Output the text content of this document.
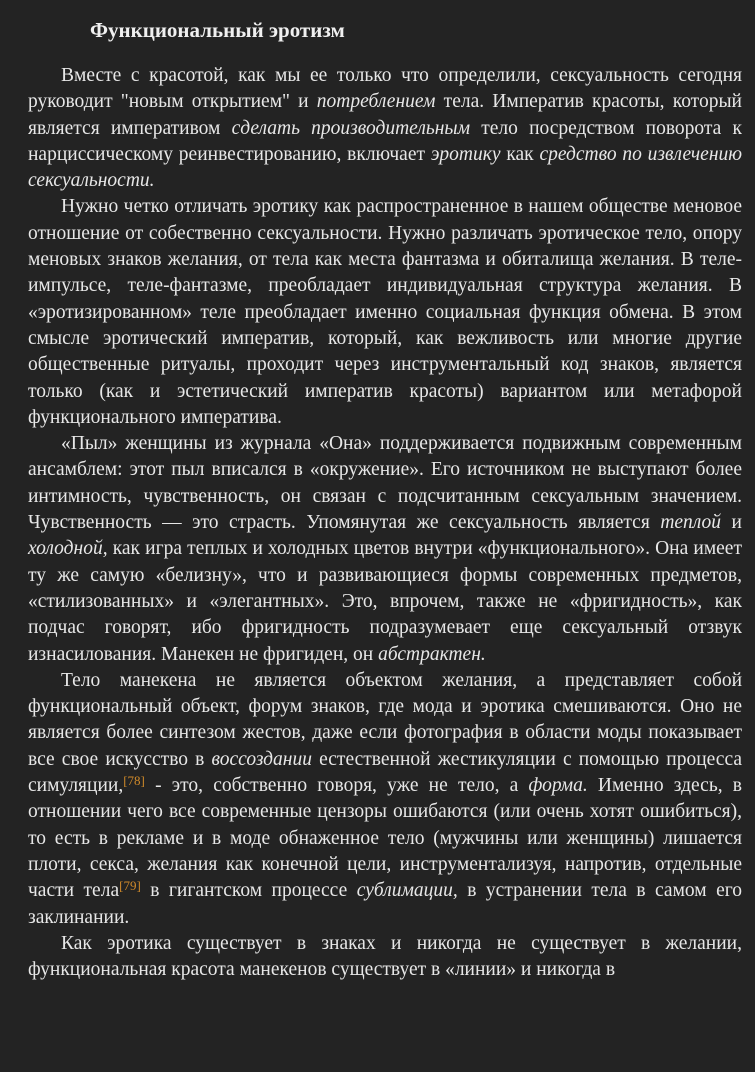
Функциональный эротизм

Вместе с красотой, как мы ее только что определили, сексуальность сегодня руководит "новым открытием" и потреблением тела. Императив красоты, который является императивом сделать производительным тело посредством поворота к нарциссическому реинвестированию, включает эротику как средство по извлечению сексуальности.

Нужно четко отличать эротику как распространенное в нашем обществе меновое отношение от собественно сексуальности. Нужно различать эротическое тело, опору меновых знаков желания, от тела как места фантазма и обиталища желания. В теле-импульсе, теле-фантазме, преобладает индивидуальная структура желания. В «эротизированном» теле преобладает именно социальная функция обмена. В этом смысле эротический императив, который, как вежливость или многие другие общественные ритуалы, проходит через инструментальный код знаков, является только (как и эстетический императив красоты) вариантом или метафорой функционального императива.

«Пыл» женщины из журнала «Она» поддерживается подвижным современным ансамблем: этот пыл вписался в «окружение». Его источником не выступают более интимность, чувственность, он связан с подсчитанным сексуальным значением. Чувственность — это страсть. Упомянутая же сексуальность является теплой и холодной, как игра теплых и холодных цветов внутри «функционального». Она имеет ту же самую «белизну», что и развивающиеся формы современных предметов, «стилизованных» и «элегантных». Это, впрочем, также не «фригидность», как подчас говорят, ибо фригидность подразумевает еще сексуальный отзвук изнасилования. Манекен не фригиден, он абстрактен.

Тело манекена не является объектом желания, а представляет собой функциональный объект, форум знаков, где мода и эротика смешиваются. Оно не является более синтезом жестов, даже если фотография в области моды показывает все свое искусство в воссоздании естественной жестикуляции с помощью процесса симуляции,[78] - это, собственно говоря, уже не тело, а форма. Именно здесь, в отношении чего все современные цензоры ошибаются (или очень хотят ошибиться), то есть в рекламе и в моде обнаженное тело (мужчины или женщины) лишается плоти, секса, желания как конечной цели, инструментализуя, напротив, отдельные части тела[79] в гигантском процессе сублимации, в устранении тела в самом его заклинании.

Как эротика существует в знаках и никогда не существует в желании, функциональная красота манекенов существует в «линии» и никогда в
